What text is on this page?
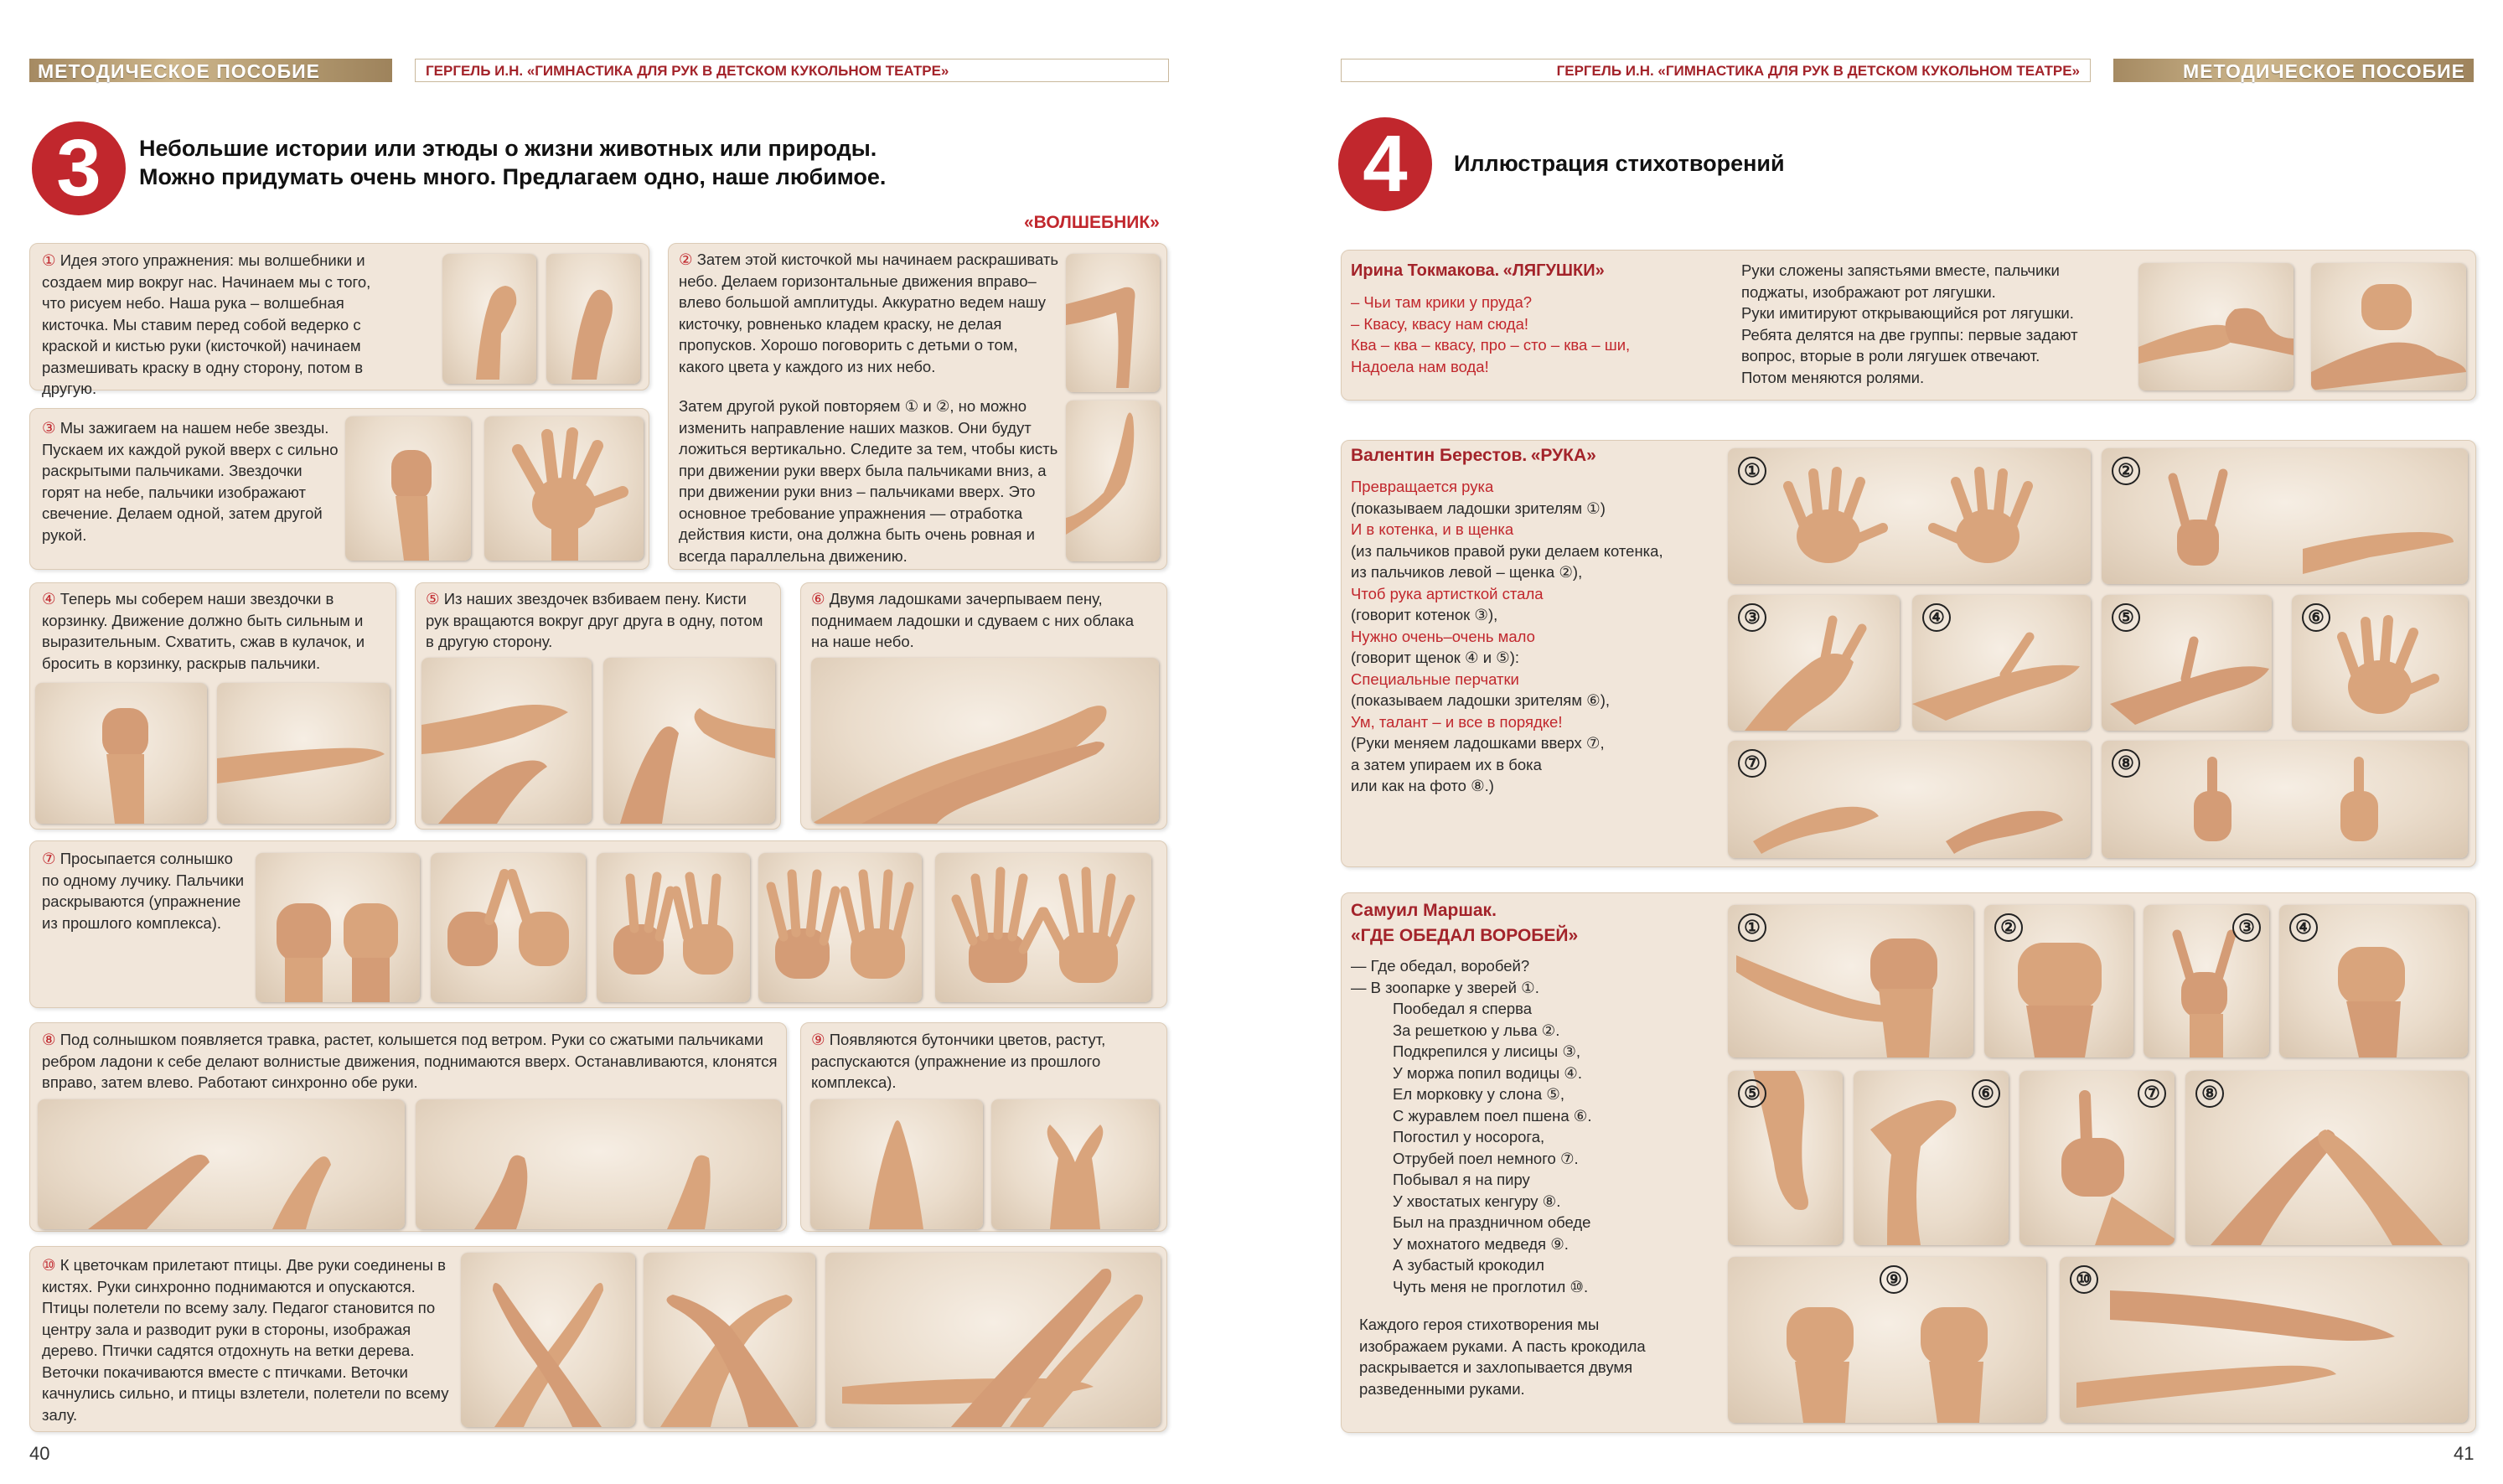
МЕТОДИЧЕСКОЕ ПОСОБИЕ	ГЕРГЕЛЬ И.Н. «ГИМНАСТИКА ДЛЯ РУК В ДЕТСКОМ КУКОЛЬНОМ ТЕАТРЕ»
3	Небольшие истории или этюды о жизни животных или природы.
Можно придумать очень много. Предлагаем одно, наше любимое.
«ВОЛШЕБНИК»
① Идея этого упражнения: мы волшебники и создаем мир вокруг нас. Начинаем мы с того, что рисуем небо. Наша рука – волшебная кисточка. Мы ставим перед собой ведерко с краской и кистью руки (кисточкой) начинаем размешивать краску в одну сторону, потом в другую.
② Затем этой кисточкой мы начинаем раскрашивать небо. Делаем горизонтальные движения вправо–влево большой амплитуды. Аккуратно ведем нашу кисточку, ровненько кладем краску, не делая пропусков. Хорошо поговорить с детьми о том, какого цвета у каждого из них небо.
Затем другой рукой повторяем ① и ②, но можно изменить направление наших мазков. Они будут ложиться вертикально. Следите за тем, чтобы кисть при движении руки вверх была пальчиками вниз, а при движении руки вниз – пальчиками вверх. Это основное требование упражнения — отработка действия кисти, она должна быть очень ровная и всегда параллельна движению.
③ Мы зажигаем на нашем небе звезды. Пускаем их каждой рукой вверх с сильно раскрытыми пальчиками. Звездочки горят на небе, пальчики изображают свечение. Делаем одной, затем другой рукой.
④ Теперь мы соберем наши звездочки в корзинку. Движение должно быть сильным и выразительным. Схватить, сжав в кулачок, и бросить в корзинку, раскрыв пальчики.
⑤ Из наших звездочек взбиваем пену. Кисти рук вращаются вокруг друг друга в одну, потом в другую сторону.
⑥ Двумя ладошками зачерпываем пену, поднимаем ладошки и сдуваем с них облака на наше небо.
⑦ Просыпается солнышко по одному лучику. Пальчики раскрываются (упражнение из прошлого комплекса).
⑧ Под солнышком появляется травка, растет, колышется под ветром. Руки со сжатыми пальчиками ребром ладони к себе делают волнистые движения, поднимаются вверх. Останавливаются, клонятся вправо, затем влево. Работают синхронно обе руки.
⑨ Появляются бутончики цветов, растут, распускаются (упражнение из прошлого комплекса).
⑩ К цветочкам прилетают птицы. Две руки соединены в кистях. Руки синхронно поднимаются и опускаются. Птицы полетели по всему залу. Педагог становится по центру зала и разводит руки в стороны, изображая дерево. Птички садятся отдохнуть на ветки дерева. Веточки покачиваются вместе с птичками. Веточки качнулись сильно, и птицы взлетели, полетели по всему залу.
40
ГЕРГЕЛЬ И.Н. «ГИМНАСТИКА ДЛЯ РУК В ДЕТСКОМ КУКОЛЬНОМ ТЕАТРЕ»	МЕТОДИЧЕСКОЕ ПОСОБИЕ
4	Иллюстрация стихотворений
Ирина Токмакова. «ЛЯГУШКИ»
– Чьи там крики у пруда?
– Квасу, квасу нам сюда!
Ква – ква – квасу, про – сто – ква – ши,
Надоела нам вода!
Руки сложены запястьями вместе, пальчики
поджаты, изображают рот лягушки.
Руки имитируют открывающийся рот лягушки.
Ребята делятся на две группы: первые задают
вопрос, вторые в роли лягушек отвечают.
Потом меняются ролями.
Валентин Берестов. «РУКА»
Превращается рука
(показываем ладошки зрителям ①)
И в котенка, и в щенка
(из пальчиков правой руки делаем котенка,
из пальчиков левой – щенка ②),
Чтоб рука артисткой стала
(говорит котенок ③),
Нужно очень–очень мало
(говорит щенок ④ и ⑤):
Специальные перчатки
(показываем ладошки зрителям ⑥),
Ум, талант – и все в порядке!
(Руки меняем ладошками вверх ⑦,
а затем упираем их в бока
или как на фото ⑧.)
①	②
③	④	⑤	⑥
⑦	⑧
Самуил Маршак.
«ГДЕ ОБЕДАЛ ВОРОБЕЙ»
— Где обедал, воробей?
— В зоопарке у зверей ①.
Пообедал я сперва
За решеткою у льва ②.
Подкрепился у лисицы ③,
У моржа попил водицы ④.
Ел морковку у слона ⑤,
С журавлем поел пшена ⑥.
Погостил у носорога,
Отрубей поел немного ⑦.
Побывал я на пиру
У хвостатых кенгуру ⑧.
Был на праздничном обеде
У мохнатого медведя ⑨.
А зубастый крокодил
Чуть меня не проглотил ⑩.
Каждого героя стихотворения мы
изображаем руками. А пасть крокодила
раскрывается и захлопывается двумя
разведенными руками.
①	②	③	④
⑤	⑥	⑦	⑧
⑨	⑩
41
